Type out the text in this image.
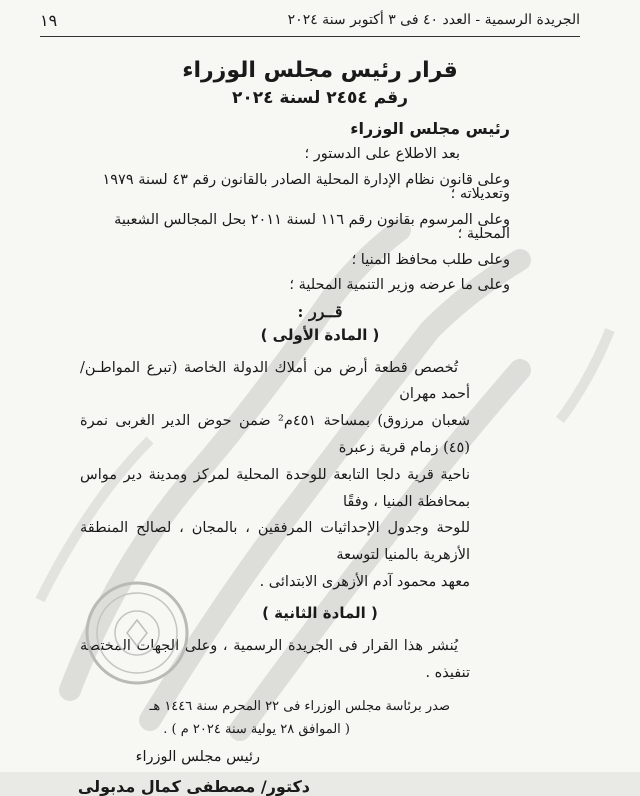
الجريدة الرسمية - العدد ٤٠ فى ٣ أكتوبر سنة ٢٠٢٤
١٩
قرار رئيس مجلس الوزراء
رقم ٢٤٥٤ لسنة ٢٠٢٤
رئيس مجلس الوزراء
بعد الاطلاع على الدستور ؛
وعلى قانون نظام الإدارة المحلية الصادر بالقانون رقم ٤٣ لسنة ١٩٧٩ وتعديلاته ؛
وعلى المرسوم بقانون رقم ١١٦ لسنة ٢٠١١ بحل المجالس الشعبية المحلية ؛
وعلى طلب محافظ المنيا ؛
وعلى ما عرضه وزير التنمية المحلية ؛
قــرر :
( المادة الأولى )

تُخصص قطعة أرض من أملاك الدولة الخاصة (تبرع المواطـن/ أحمد مهران

شعبان مرزوق) بمساحة ٤٥١م² ضمن حوض الدير الغربى نمرة (٤٥) زمام قرية زعبرة

ناحية قرية دلجا التابعة للوحدة المحلية لمركز ومدينة دير مواس بمحافظة المنيا ، وفقًا

للوحة وجدول الإحداثيات المرفقين ، بالمجان ، لصالح المنطقة الأزهرية بالمنيا لتوسعة

معهد محمود آدم الأزهرى الابتدائى .

( المادة الثانية )

يُنشر هذا القرار فى الجريدة الرسمية ، وعلى الجهات المختصة تنفيذه .

صدر برئاسة مجلس الوزراء فى ٢٢ المحرم سنة ١٤٤٦ هـ
( الموافق ٢٨ يولية سنة ٢٠٢٤ م ) .
رئيس مجلس الوزراء
دكتور/ مصطفى كمال مدبولى
